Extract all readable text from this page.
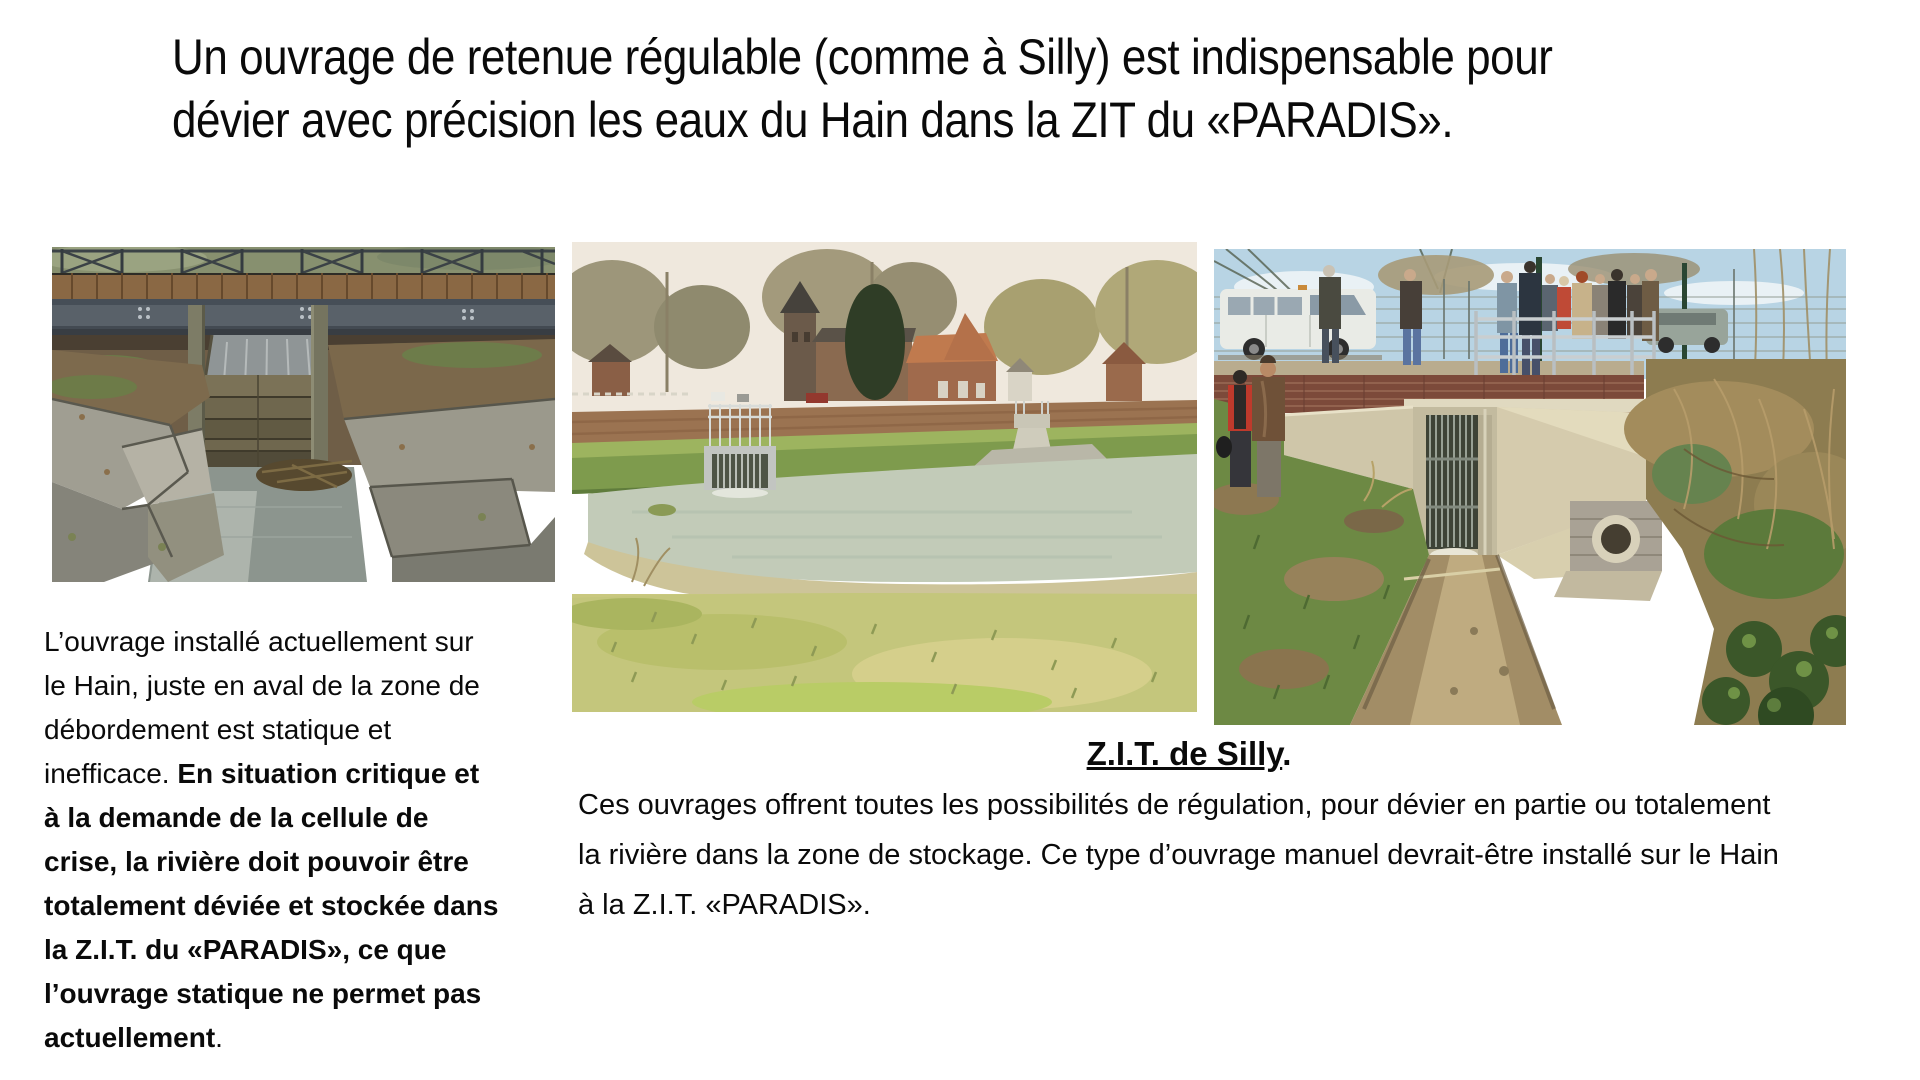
Un ouvrage de retenue régulable (comme à Silly) est indispensable pour
dévier avec précision les eaux du Hain dans la ZIT du «PARADIS».
L’ouvrage installé actuellement sur le Hain, juste en aval de la zone de débordement est statique et inefficace. En situation critique et à la demande de la cellule de crise, la rivière doit pouvoir être totalement déviée et stockée dans la Z.I.T. du «PARADIS», ce que l’ouvrage statique ne permet pas actuellement.
Z.I.T. de Silly.
Ces ouvrages offrent toutes les possibilités de régulation, pour dévier en partie ou totalement la rivière dans la zone de stockage. Ce type d’ouvrage manuel devrait-être installé sur le Hain à la Z.I.T. «PARADIS».
